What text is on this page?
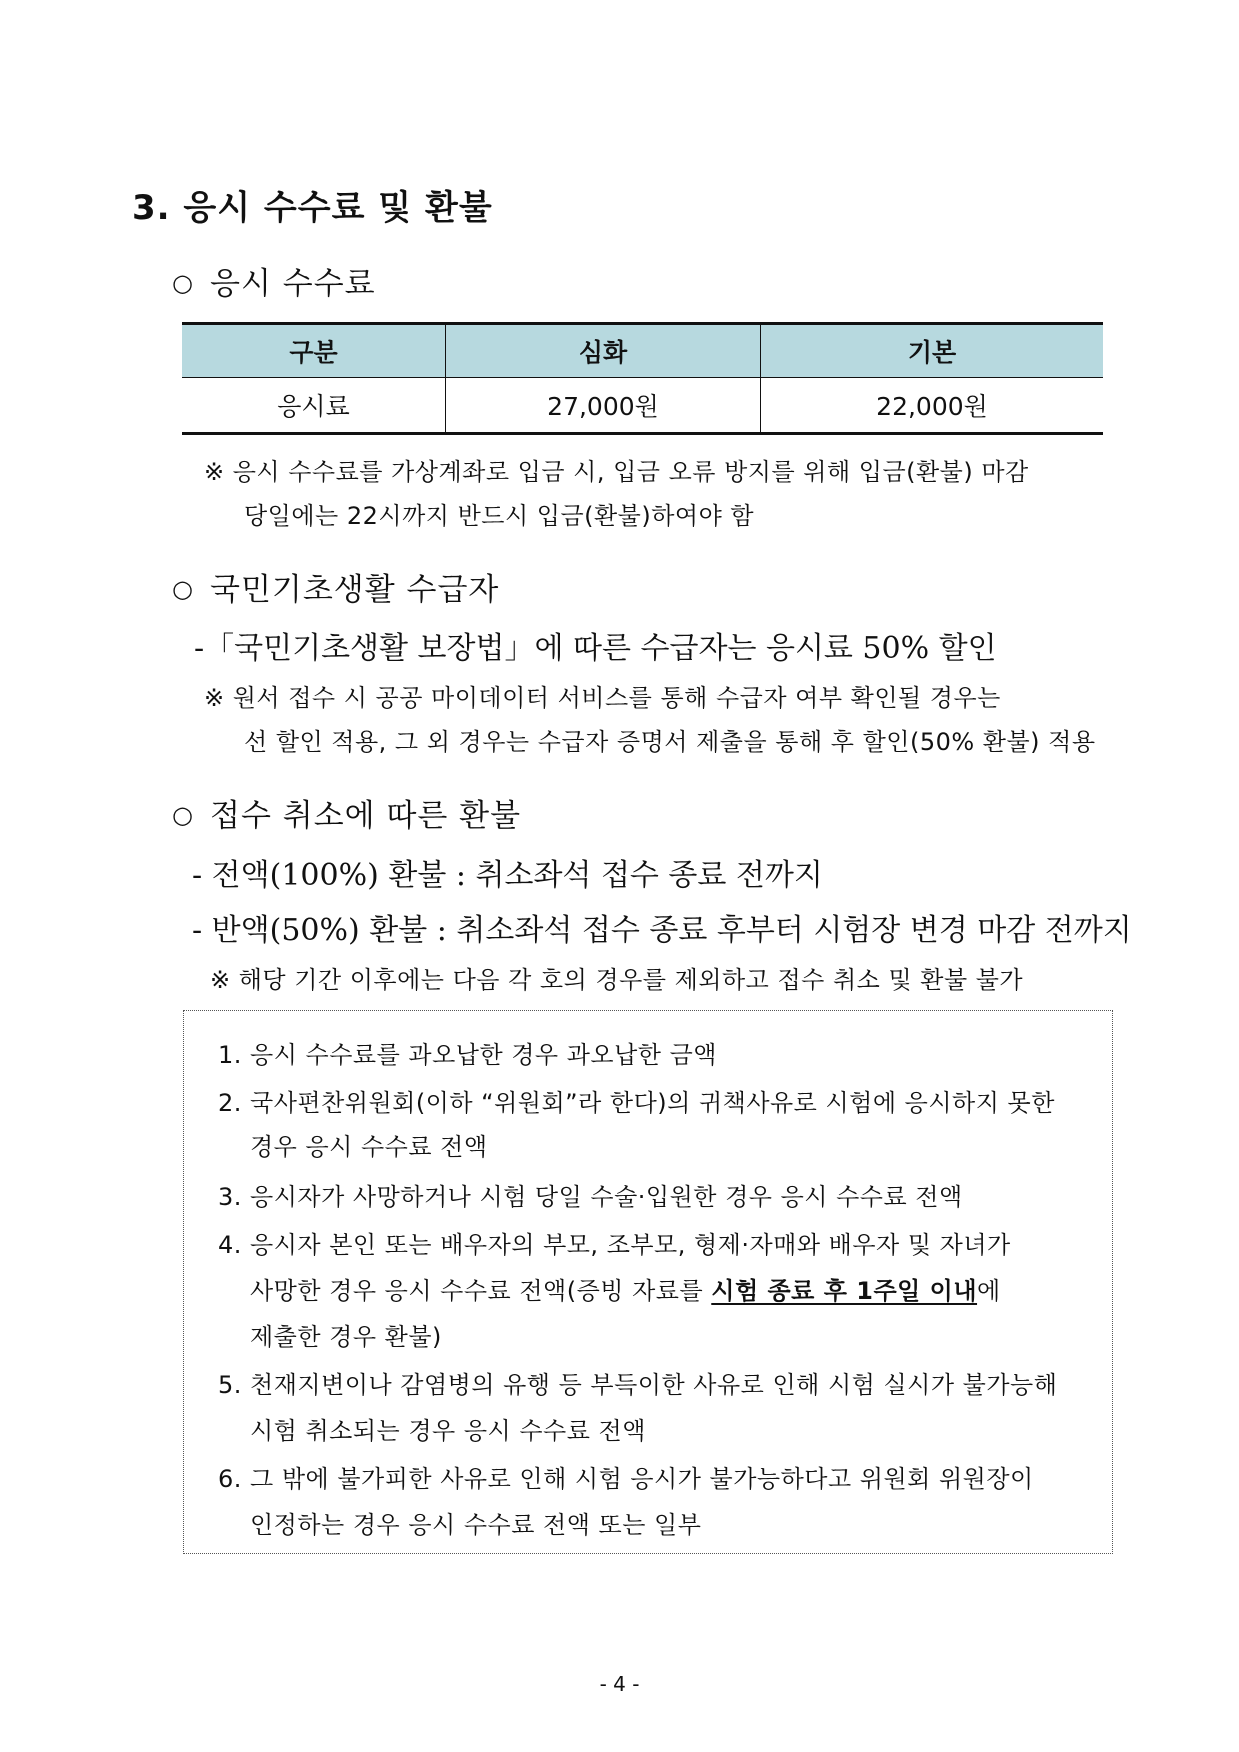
3. 응시 수수료 및 환불
○ 응시 수수료
구분	심화	기본
응시료	27,000원	22,000원
※ 응시 수수료를 가상계좌로 입금 시, 입금 오류 방지를 위해 입금(환불) 마감
당일에는 22시까지 반드시 입금(환불)하여야 함
○ 국민기초생활 수급자
-「국민기초생활 보장법」에 따른 수급자는 응시료 50% 할인
※ 원서 접수 시 공공 마이데이터 서비스를 통해 수급자 여부 확인될 경우는
선 할인 적용, 그 외 경우는 수급자 증명서 제출을 통해 후 할인(50% 환불) 적용
○ 접수 취소에 따른 환불
- 전액(100%) 환불 : 취소좌석 접수 종료 전까지
- 반액(50%) 환불 : 취소좌석 접수 종료 후부터 시험장 변경 마감 전까지
※ 해당 기간 이후에는 다음 각 호의 경우를 제외하고 접수 취소 및 환불 불가
1. 응시 수수료를 과오납한 경우 과오납한 금액
2. 국사편찬위원회(이하 “위원회”라 한다)의 귀책사유로 시험에 응시하지 못한
경우 응시 수수료 전액
3. 응시자가 사망하거나 시험 당일 수술·입원한 경우 응시 수수료 전액
4. 응시자 본인 또는 배우자의 부모, 조부모, 형제·자매와 배우자 및 자녀가
사망한 경우 응시 수수료 전액(증빙 자료를 시험 종료 후 1주일 이내에
제출한 경우 환불)
5. 천재지변이나 감염병의 유행 등 부득이한 사유로 인해 시험 실시가 불가능해
시험 취소되는 경우 응시 수수료 전액
6. 그 밖에 불가피한 사유로 인해 시험 응시가 불가능하다고 위원회 위원장이
인정하는 경우 응시 수수료 전액 또는 일부
- 4 -
